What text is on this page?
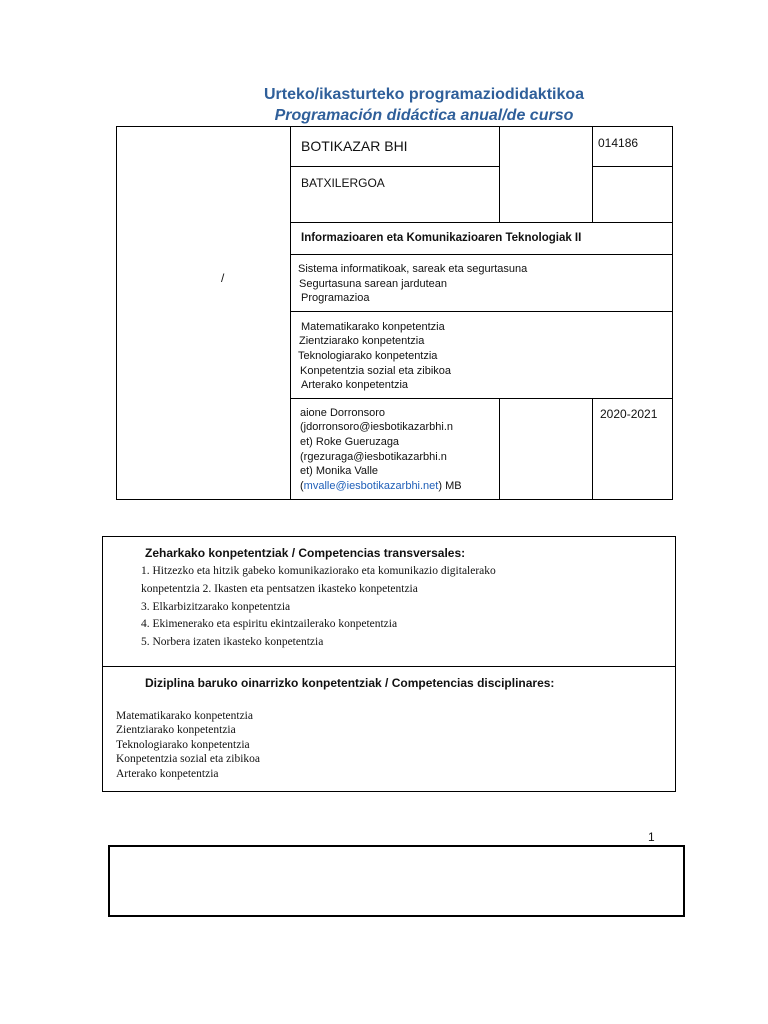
Urteko/ikasturteko programaziodidaktikoa
Programación didáctica anual/de curso
/
BOTIKAZAR BHI	014186
BATXILERGOA
Informazioaren eta Komunikazioaren Teknologiak II
Sistema informatikoak, sareak eta segurtasuna
Segurtasuna sarean jardutean
Programazioa
Matematikarako konpetentzia
Zientziarako konpetentzia
Teknologiarako konpetentzia
Konpetentzia sozial eta zibikoa
Arterako konpetentzia
aione Dorronsoro
(jdorronsoro@iesbotikazarbhi.n
et) Roke Gueruzaga
(rgezuraga@iesbotikazarbhi.n
et) Monika Valle
(mvalle@iesbotikazarbhi.net) MB
2020-2021
Zeharkako konpetentziak / Competencias transversales:
1. Hitzezko eta hitzik gabeko komunikaziorako eta komunikazio digitalerako
konpetentzia 2. Ikasten eta pentsatzen ikasteko konpetentzia
3. Elkarbizitzarako konpetentzia
4. Ekimenerako eta espiritu ekintzailerako konpetentzia
5. Norbera izaten ikasteko konpetentzia
Diziplina baruko oinarrizko konpetentziak / Competencias disciplinares:
Matematikarako konpetentzia
Zientziarako konpetentzia
Teknologiarako konpetentzia
Konpetentzia sozial eta zibikoa
Arterako konpetentzia
1
